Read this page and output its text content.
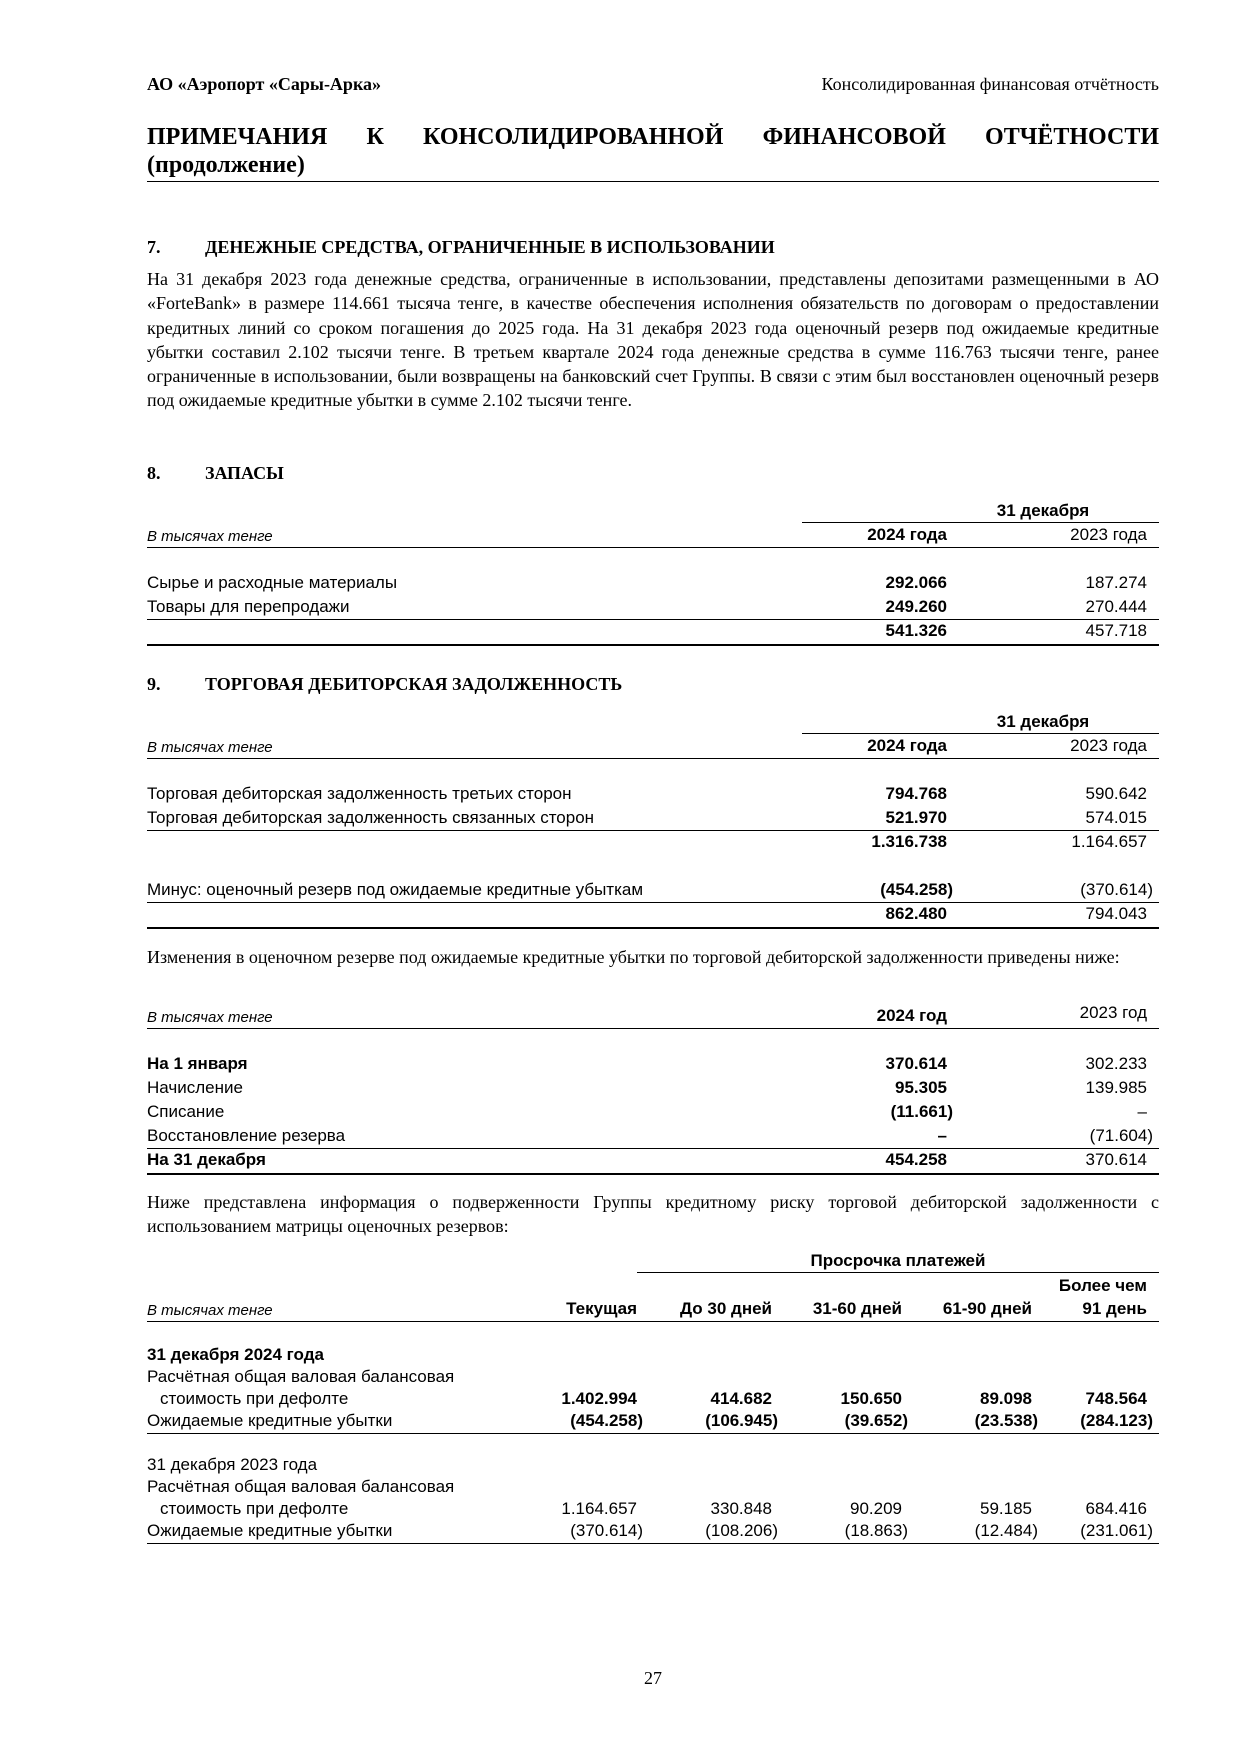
АО «Аэропорт «Сары-Арка»	Консолидированная финансовая отчётность
ПРИМЕЧАНИЯ К КОНСОЛИДИРОВАННОЙ ФИНАНСОВОЙ ОТЧЁТНОСТИ
(продолжение)
7. ДЕНЕЖНЫЕ СРЕДСТВА, ОГРАНИЧЕННЫЕ В ИСПОЛЬЗОВАНИИ
На 31 декабря 2023 года денежные средства, ограниченные в использовании, представлены депозитами размещенными в АО «ForteBank» в размере 114.661 тысяча тенге, в качестве обеспечения исполнения обязательств по договорам о предоставлении кредитных линий со сроком погашения до 2025 года. На 31 декабря 2023 года оценочный резерв под ожидаемые кредитные убытки составил 2.102 тысячи тенге. В третьем квартале 2024 года денежные средства в сумме 116.763 тысячи тенге, ранее ограниченные в использовании, были возвращены на банковский счет Группы. В связи с этим был восстановлен оценочный резерв под ожидаемые кредитные убытки в сумме 2.102 тысячи тенге.
8. ЗАПАСЫ
31 декабря
В тысячах тенге	2024 года	2023 года
Сырье и расходные материалы	292.066	187.274
Товары для перепродажи	249.260	270.444
541.326	457.718
9. ТОРГОВАЯ ДЕБИТОРСКАЯ ЗАДОЛЖЕННОСТЬ
31 декабря
В тысячах тенге	2024 года	2023 года
Торговая дебиторская задолженность третьих сторон	794.768	590.642
Торговая дебиторская задолженность связанных сторон	521.970	574.015
1.316.738	1.164.657
Минус: оценочный резерв под ожидаемые кредитные убыткам	(454.258)	(370.614)
862.480	794.043
Изменения в оценочном резерве под ожидаемые кредитные убытки по торговой дебиторской задолженности приведены ниже:
В тысячах тенге	2024 год	2023 год
На 1 января	370.614	302.233
Начисление	95.305	139.985
Списание	(11.661)	–
Восстановление резерва	–	(71.604)
На 31 декабря	454.258	370.614
Ниже представлена информация о подверженности Группы кредитному риску торговой дебиторской задолженности с использованием матрицы оценочных резервов:
Просрочка платежей
Более чем
В тысячах тенге	Текущая	До 30 дней	31-60 дней	61-90 дней	91 день
31 декабря 2024 года
Расчётная общая валовая балансовая
стоимость при дефолте	1.402.994	414.682	150.650	89.098	748.564
Ожидаемые кредитные убытки	(454.258)	(106.945)	(39.652)	(23.538)	(284.123)
31 декабря 2023 года
Расчётная общая валовая балансовая
стоимость при дефолте	1.164.657	330.848	90.209	59.185	684.416
Ожидаемые кредитные убытки	(370.614)	(108.206)	(18.863)	(12.484)	(231.061)
27
